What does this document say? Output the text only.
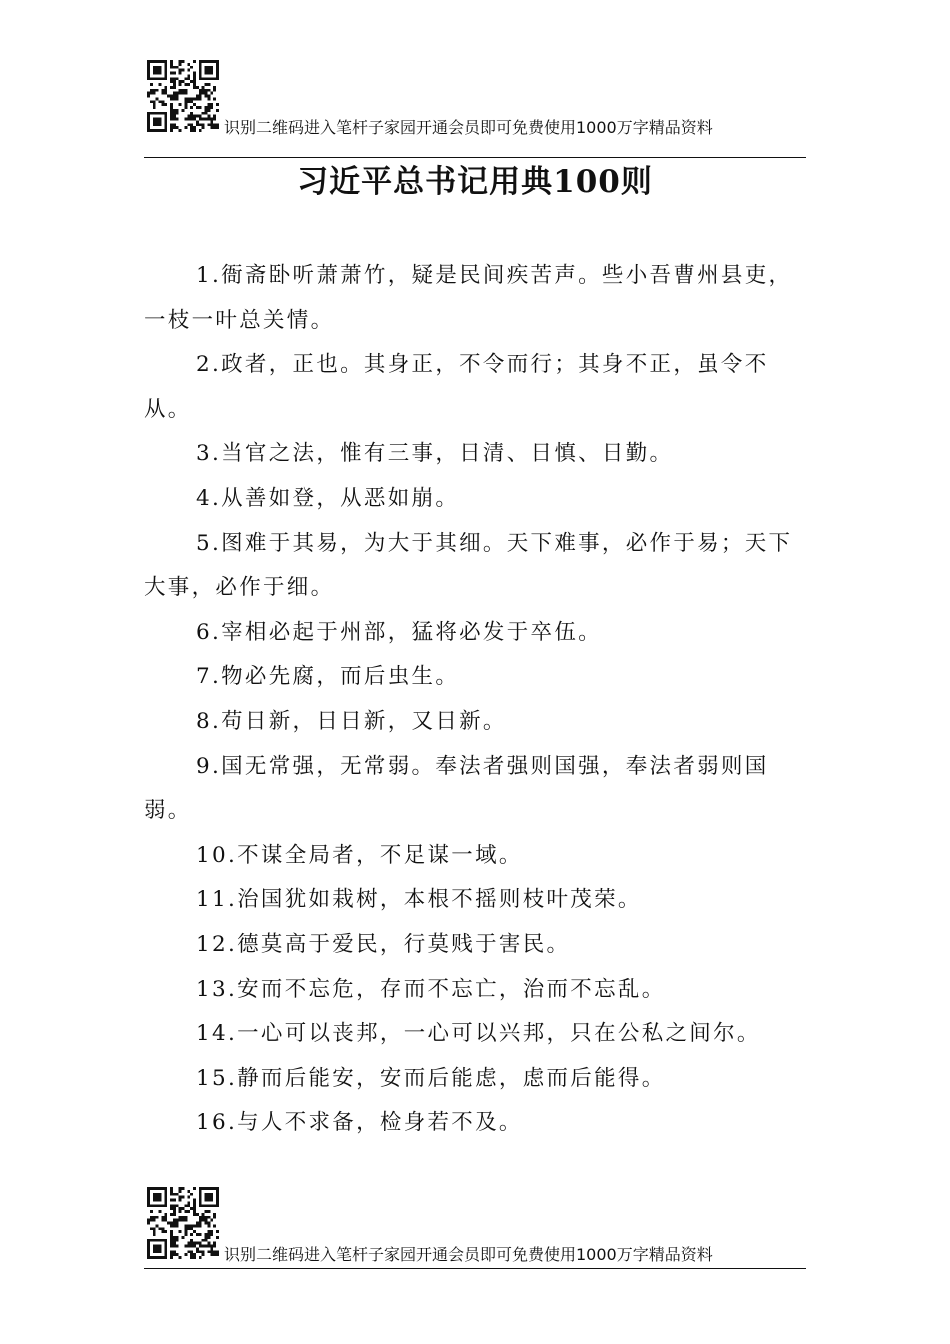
识别二维码进入笔杆子家园开通会员即可免费使用1000万字精品资料
习近平总书记用典100则

1.衙斋卧听萧萧竹，疑是民间疾苦声。些小吾曹州县吏，一枝一叶总关情。

2.政者，正也。其身正，不令而行；其身不正，虽令不从。

3.当官之法，惟有三事，日清、日慎、日勤。

4.从善如登，从恶如崩。

5.图难于其易，为大于其细。天下难事，必作于易；天下大事，必作于细。

6.宰相必起于州部，猛将必发于卒伍。

7.物必先腐，而后虫生。

8.苟日新，日日新，又日新。

9.国无常强，无常弱。奉法者强则国强，奉法者弱则国弱。

10.不谋全局者，不足谋一域。

11.治国犹如栽树，本根不摇则枝叶茂荣。

12.德莫高于爱民，行莫贱于害民。

13.安而不忘危，存而不忘亡，治而不忘乱。

14.一心可以丧邦，一心可以兴邦，只在公私之间尔。

15.静而后能安，安而后能虑，虑而后能得。

16.与人不求备，检身若不及。

识别二维码进入笔杆子家园开通会员即可免费使用1000万字精品资料
